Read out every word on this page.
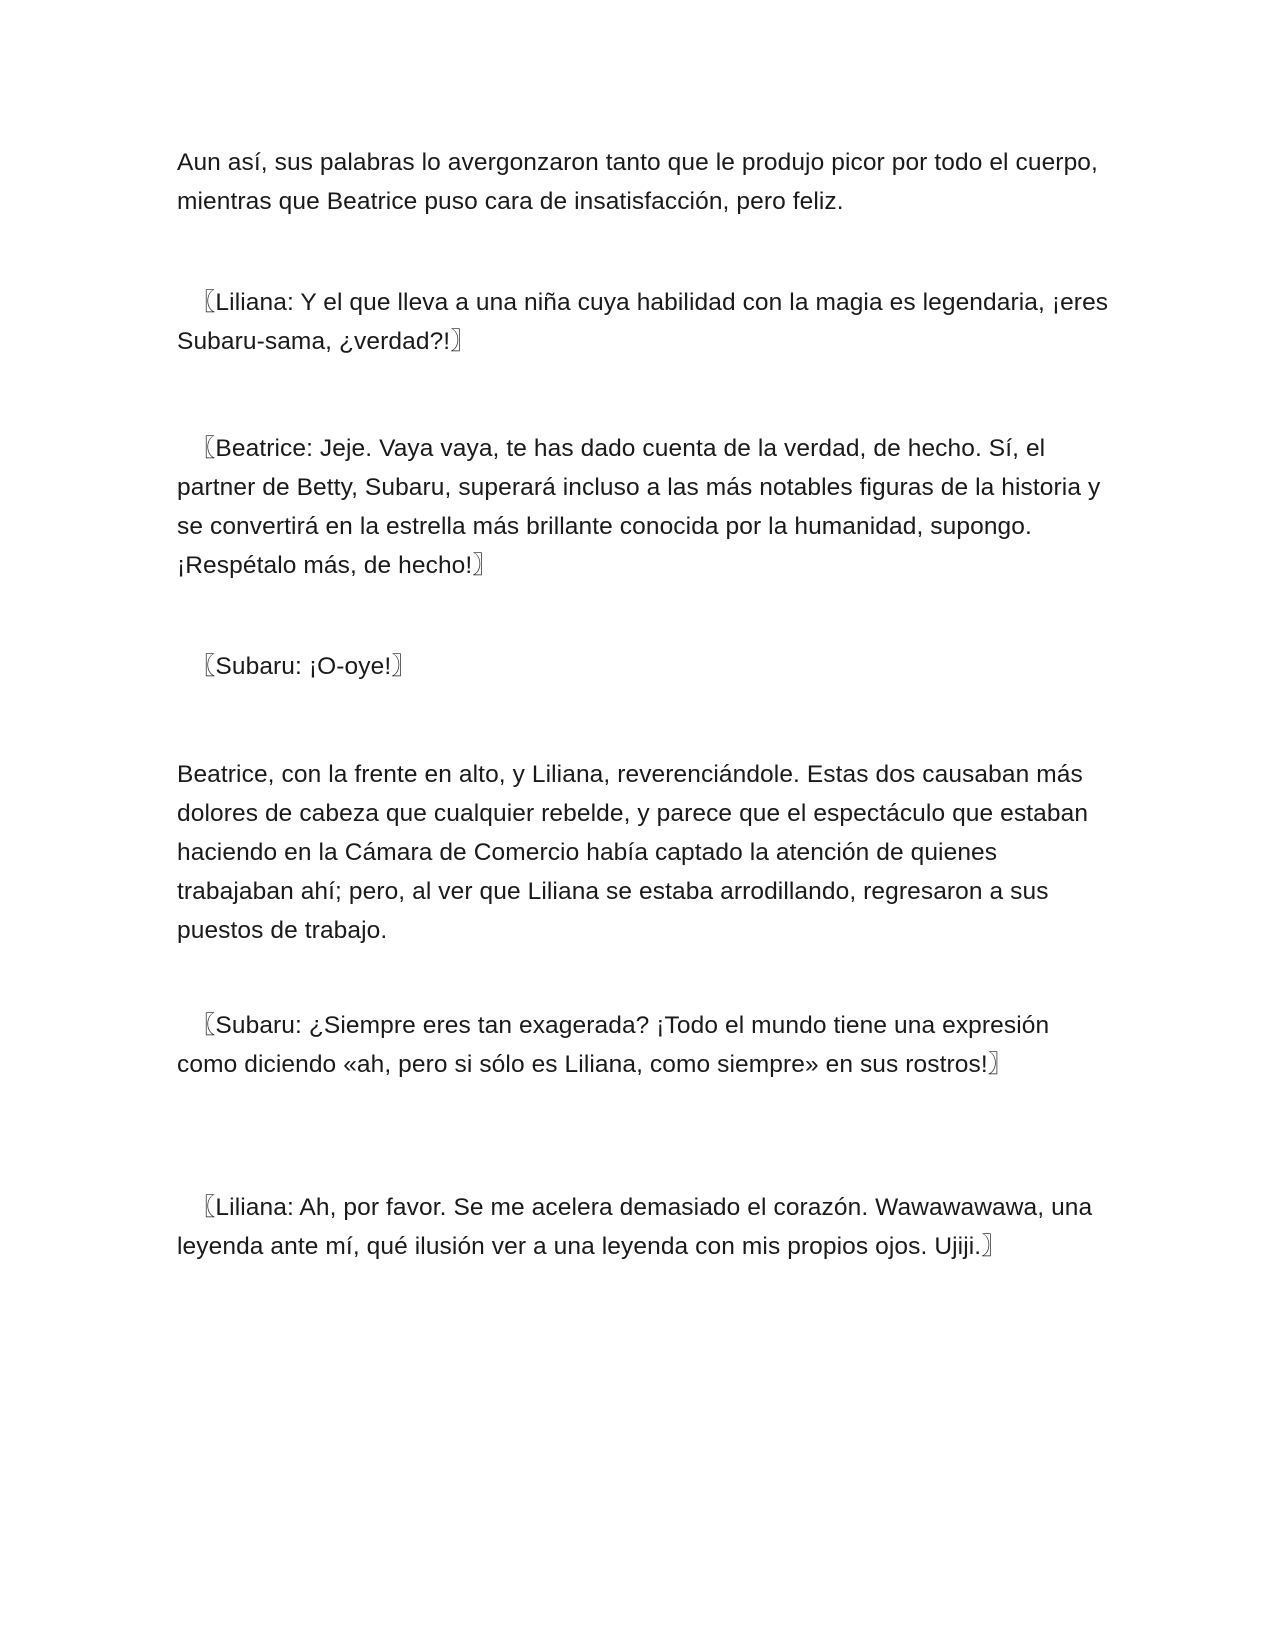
Aun así, sus palabras lo avergonzaron tanto que le produjo picor por todo el cuerpo, mientras que Beatrice puso cara de insatisfacción, pero feliz.

〖Liliana: Y el que lleva a una niña cuya habilidad con la magia es legendaria, ¡eres Subaru-sama, ¿verdad?!〗

〖Beatrice: Jeje. Vaya vaya, te has dado cuenta de la verdad, de hecho. Sí, el partner de Betty, Subaru, superará incluso a las más notables figuras de la historia y se convertirá en la estrella más brillante conocida por la humanidad, supongo. ¡Respétalo más, de hecho!〗

〖Subaru: ¡O-oye!〗

Beatrice, con la frente en alto, y Liliana, reverenciándole. Estas dos causaban más dolores de cabeza que cualquier rebelde, y parece que el espectáculo que estaban haciendo en la Cámara de Comercio había captado la atención de quienes trabajaban ahí; pero, al ver que Liliana se estaba arrodillando, regresaron a sus puestos de trabajo.

〖Subaru: ¿Siempre eres tan exagerada? ¡Todo el mundo tiene una expresión como diciendo «ah, pero si sólo es Liliana, como siempre» en sus rostros!〗

〖Liliana: Ah, por favor. Se me acelera demasiado el corazón. Wawawawawa, una leyenda ante mí, qué ilusión ver a una leyenda con mis propios ojos. Ujiji.〗
